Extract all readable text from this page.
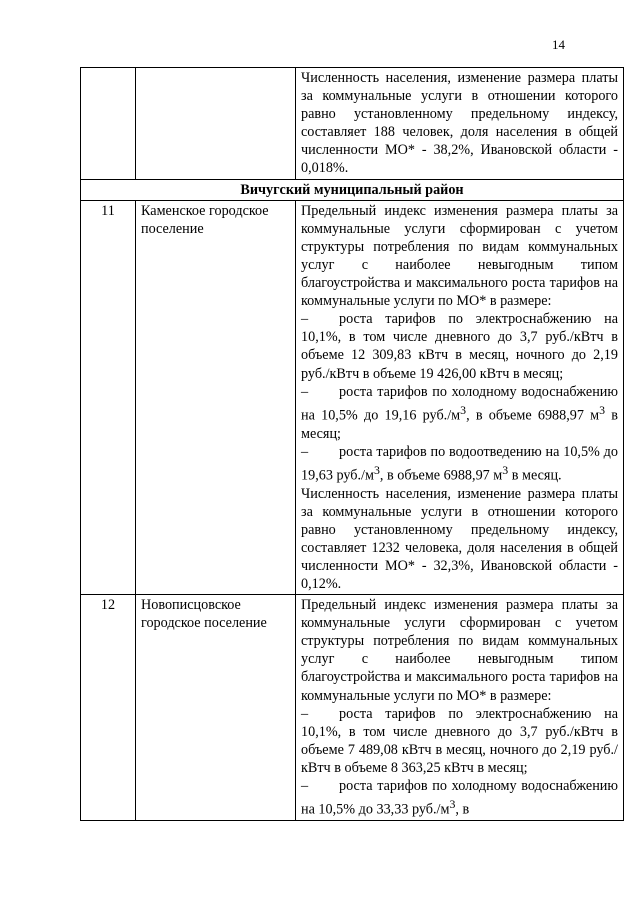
14

		Численность населения, изменение размера платы за коммунальные услуги в отношении которого равно установленному предельному индексу, составляет 188 человек, доля населения в общей численности МО* - 38,2%, Ивановской области - 0,018%.

Вичугский муниципальный район		
11	Каменское городское поселение	Предельный индекс изменения размера платы за коммунальные услуги сформирован с учетом структуры потребления по видам коммунальных услуг с наиболее невыгодным типом благоустройства и максимального роста тарифов на коммунальные услуги по МО* в размере:

– роста тарифов по электроснабжению на 10,1%, в том числе дневного до 3,7 руб./кВтч в объеме 12 309,83 кВтч в месяц, ночного до 2,19 руб./кВтч в объеме 19 426,00 кВтч в месяц;

– роста тарифов по холодному водоснабжению на 10,5% до 19,16 $руб./м^3$, в объеме 6988,97 $м^3$ в месяц;

– роста тарифов по водоотведению на 10,5% до 19,63 $руб./м^3$, в объеме 6988,97 $м^3$ в месяц.

Численность населения, изменение размера платы за коммунальные услуги в отношении которого равно установленному предельному индексу, составляет 1232 человека, доля населения в общей численности МО* - 32,3%, Ивановской области - 0,12%.

12	Новописцовское городское поселение	Предельный индекс изменения размера платы за коммунальные услуги сформирован с учетом структуры потребления по видам коммунальных услуг с наиболее невыгодным типом благоустройства и максимального роста тарифов на коммунальные услуги по МО* в размере:

– роста тарифов по электроснабжению на 10,1%, в том числе дневного до 3,7 руб./кВтч в объеме 7 489,08 кВтч в месяц, ночного до 2,19 руб./кВтч в объеме 8 363,25 кВтч в месяц;

– роста тарифов по холодному водоснабжению на 10,5% до 33,33 $руб./м^3$, в
